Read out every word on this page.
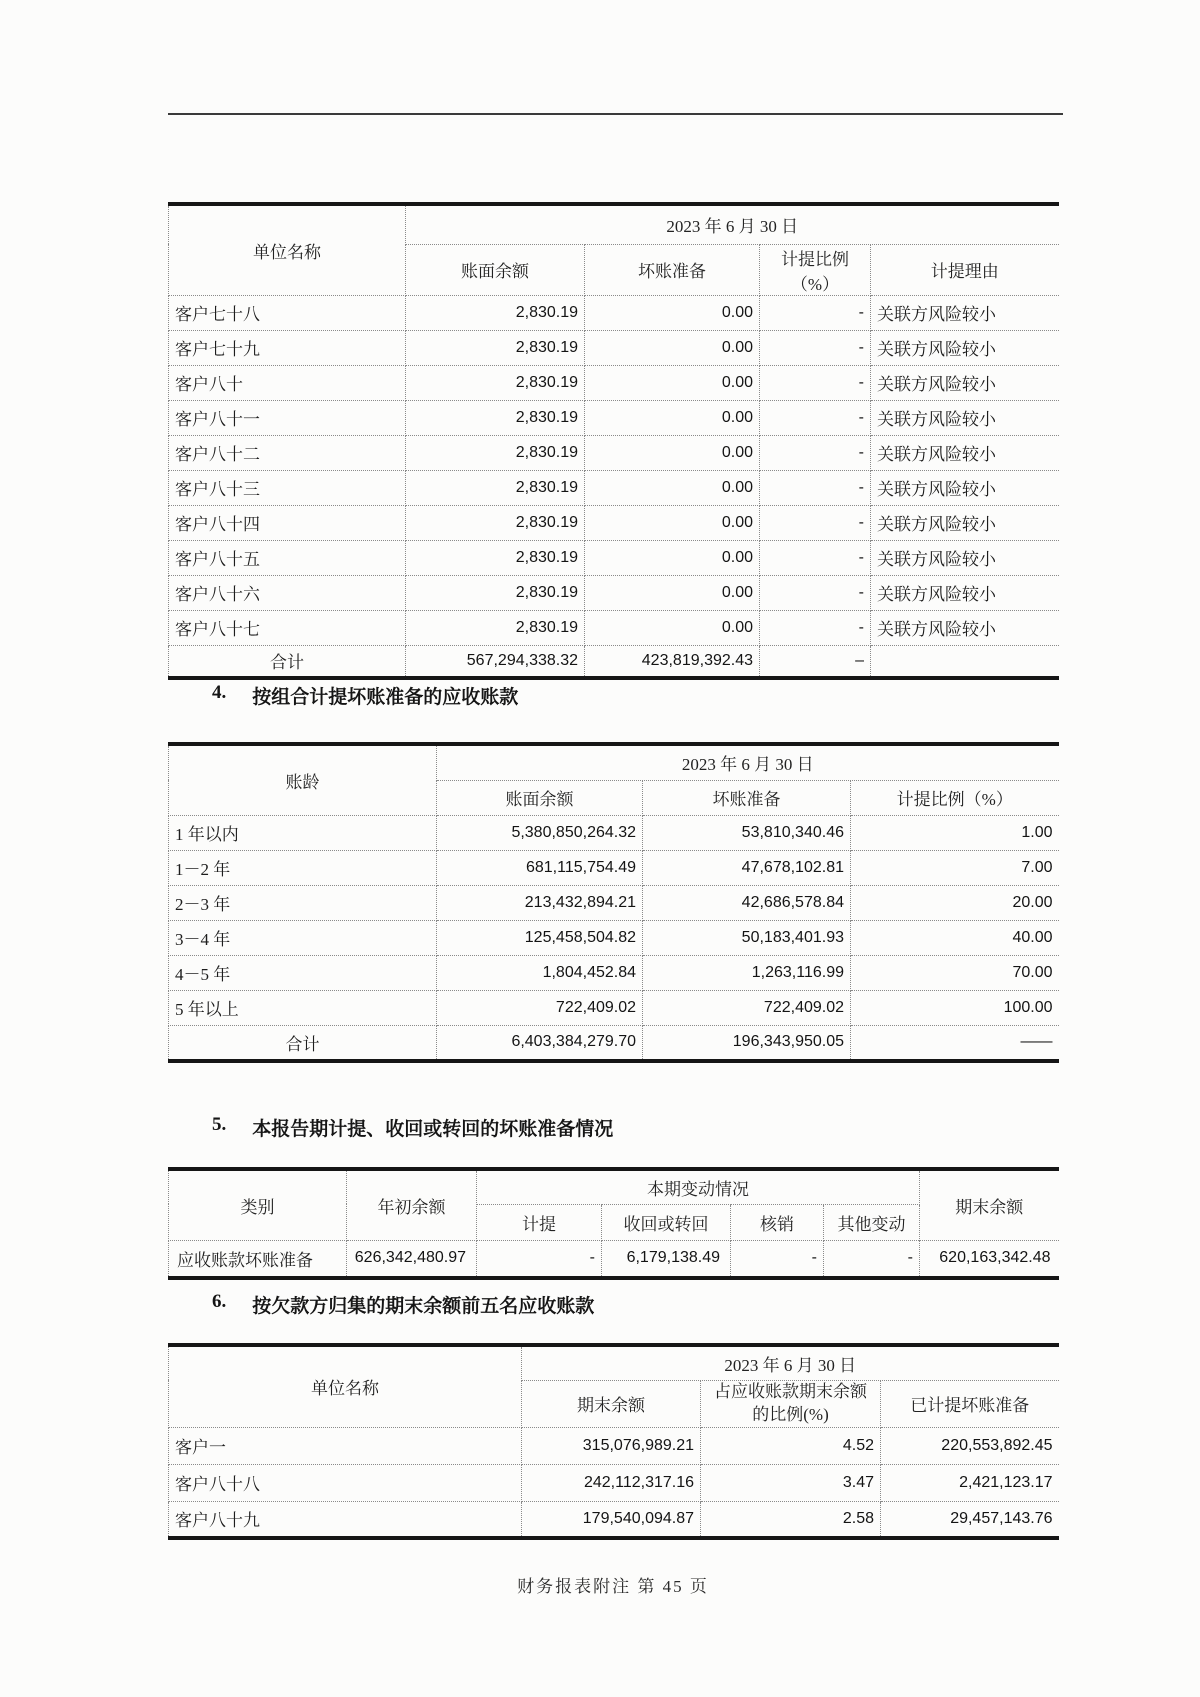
单位名称	2023 年 6 月 30 日			
	账面余额	坏账准备	计提比例（%）	计提理由
客户七十八	2,830.19	0.00	-	关联方风险较小
客户七十九	2,830.19	0.00	-	关联方风险较小
客户八十	2,830.19	0.00	-	关联方风险较小
客户八十一	2,830.19	0.00	-	关联方风险较小
客户八十二	2,830.19	0.00	-	关联方风险较小
客户八十三	2,830.19	0.00	-	关联方风险较小
客户八十四	2,830.19	0.00	-	关联方风险较小
客户八十五	2,830.19	0.00	-	关联方风险较小
客户八十六	2,830.19	0.00	-	关联方风险较小
客户八十七	2,830.19	0.00	-	关联方风险较小
合计	567,294,338.32	423,819,392.43	–	
4. 按组合计提坏账准备的应收账款
账龄	2023 年 6 月 30 日		
	账面余额	坏账准备	计提比例（%）
1 年以内	5,380,850,264.32	53,810,340.46	1.00
1－2 年	681,115,754.49	47,678,102.81	7.00
2－3 年	213,432,894.21	42,686,578.84	20.00
3－4 年	125,458,504.82	50,183,401.93	40.00
4－5 年	1,804,452.84	1,263,116.99	70.00
5 年以上	722,409.02	722,409.02	100.00
合计	6,403,384,279.70	196,343,950.05	——
5. 本报告期计提、收回或转回的坏账准备情况
类别	年初余额	本期变动情况				期末余额
		计提	收回或转回	核销	其他变动	
应收账款坏账准备	626,342,480.97	-	6,179,138.49	-	-	620,163,342.48
6. 按欠款方归集的期末余额前五名应收账款
单位名称	2023 年 6 月 30 日		
	期末余额	占应收账款期末余额的比例(%)	已计提坏账准备
客户一	315,076,989.21	4.52	220,553,892.45
客户八十八	242,112,317.16	3.47	2,421,123.17
客户八十九	179,540,094.87	2.58	29,457,143.76
财务报表附注 第 45 页
